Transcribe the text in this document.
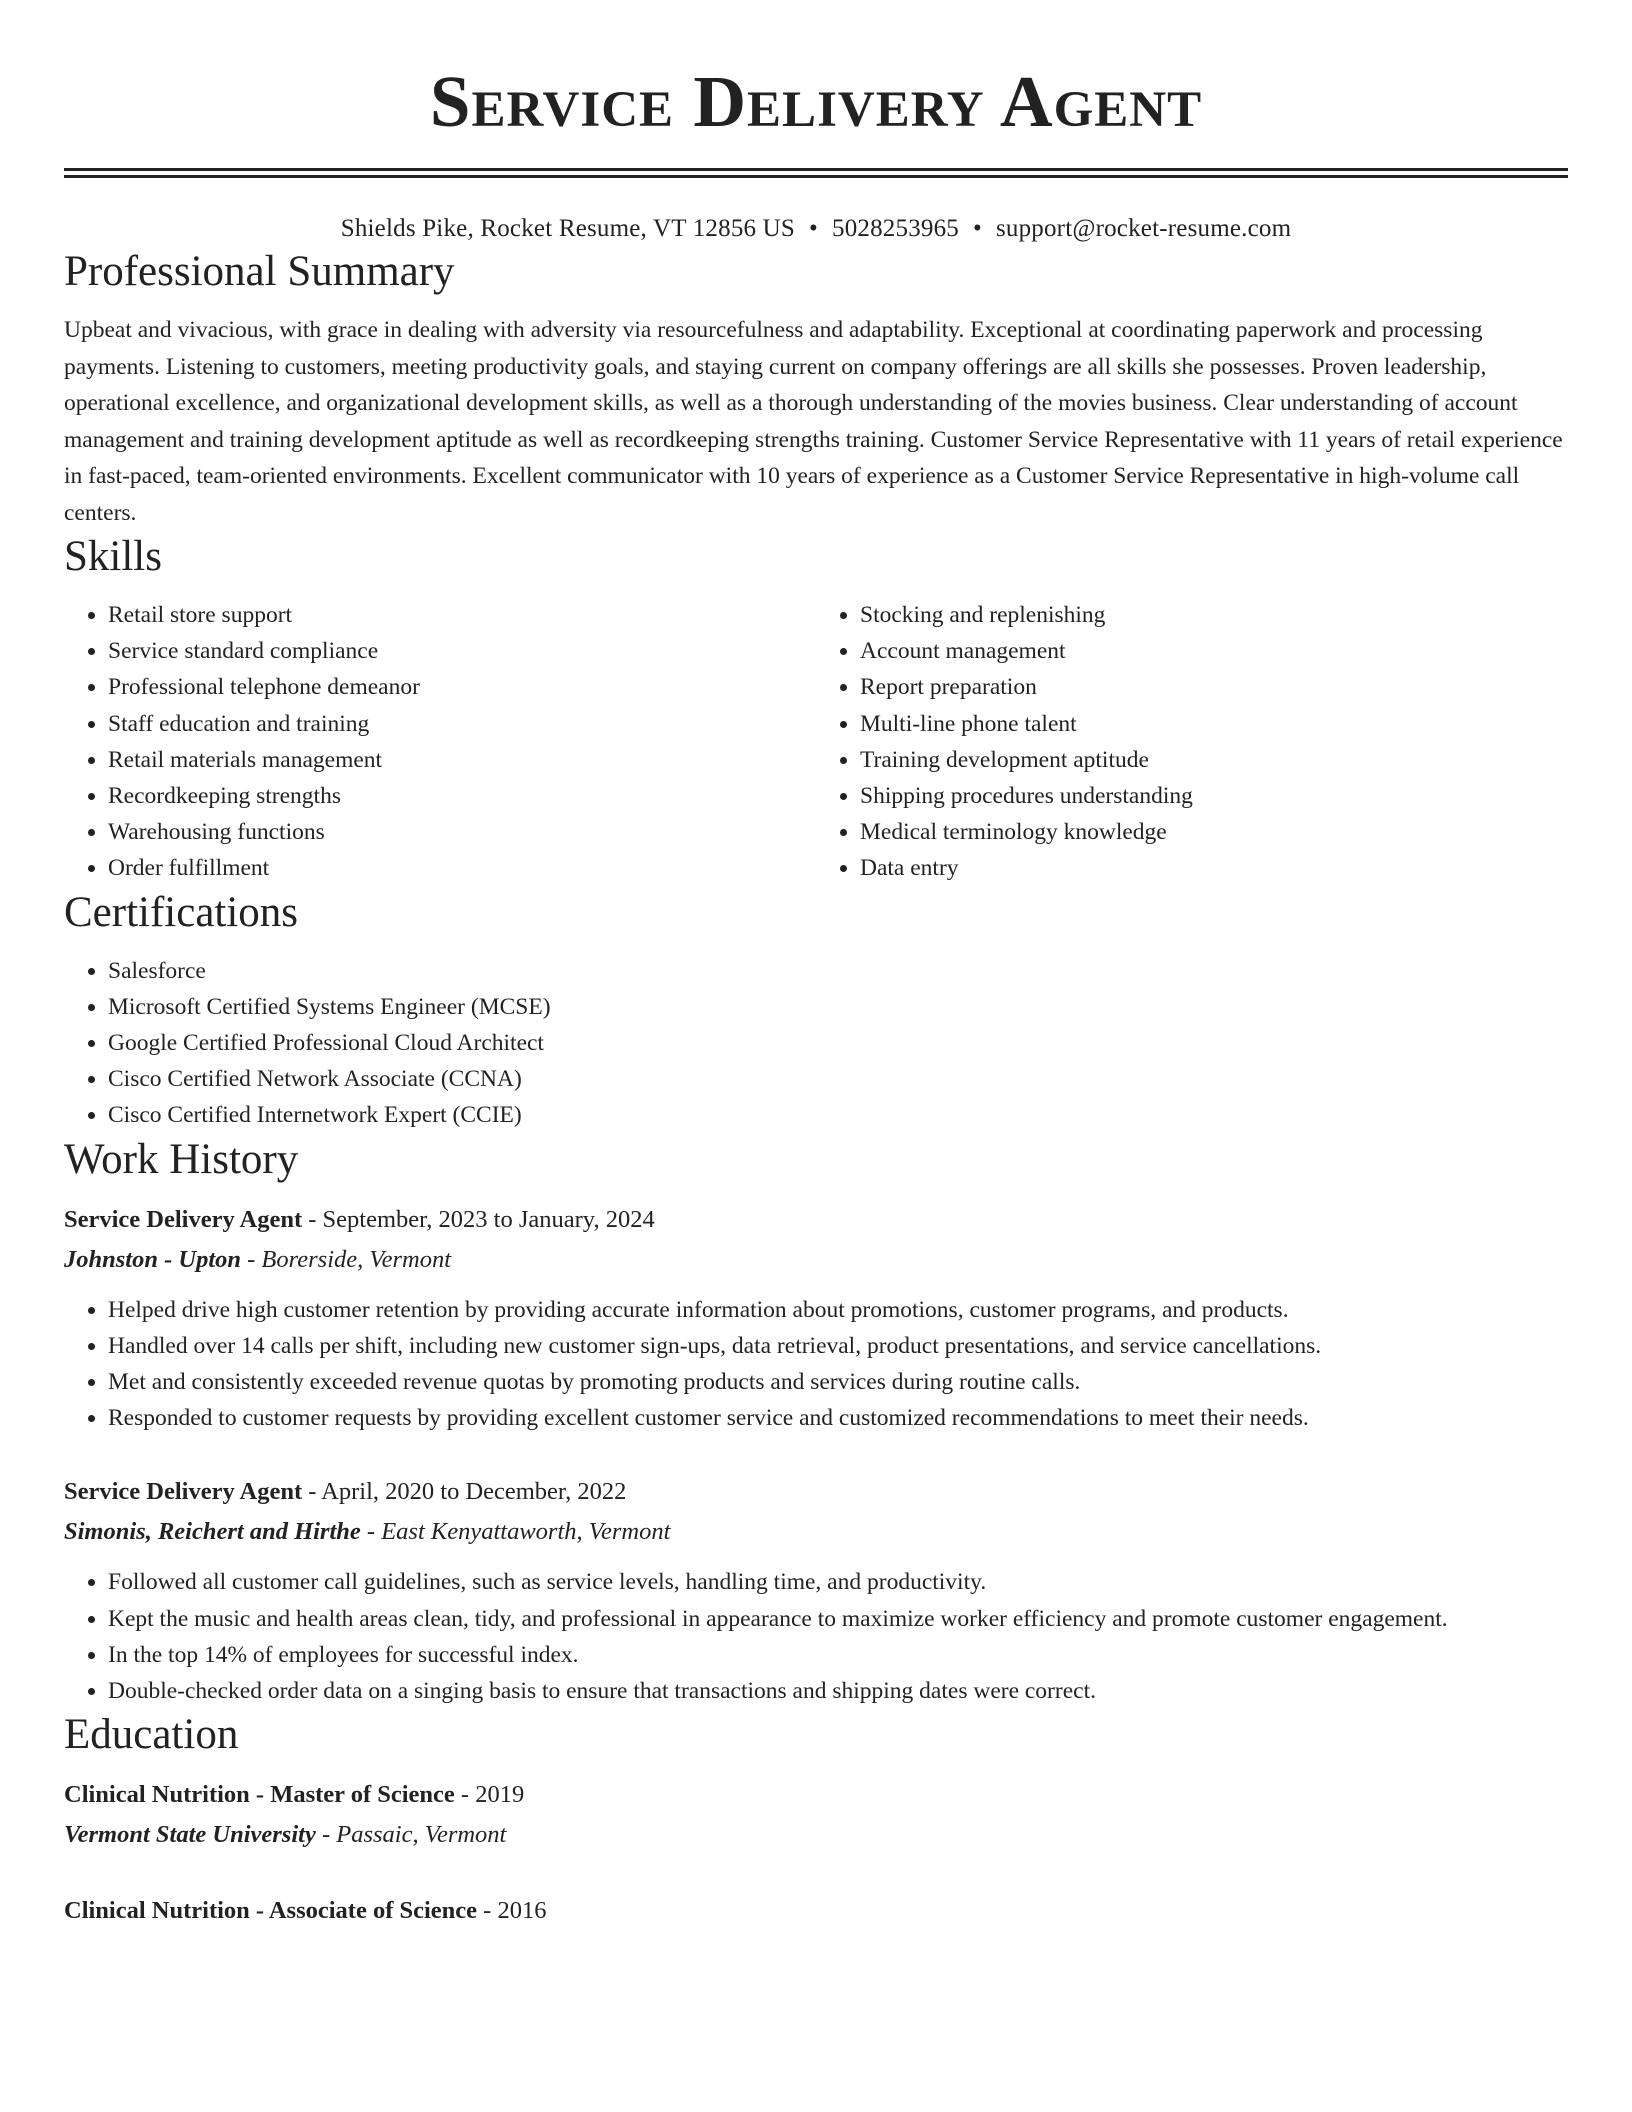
Service Delivery Agent
Shields Pike, Rocket Resume, VT 12856 US • 5028253965 • support@rocket-resume.com
Professional Summary

Upbeat and vivacious, with grace in dealing with adversity via resourcefulness and adaptability. Exceptional at coordinating paperwork and processing payments. Listening to customers, meeting productivity goals, and staying current on company offerings are all skills she possesses. Proven leadership, operational excellence, and organizational development skills, as well as a thorough understanding of the movies business. Clear understanding of account management and training development aptitude as well as recordkeeping strengths training. Customer Service Representative with 11 years of retail experience in fast-paced, team-oriented environments. Excellent communicator with 10 years of experience as a Customer Service Representative in high-volume call centers.

Skills
• Retail store support
• Service standard compliance
• Professional telephone demeanor
• Staff education and training
• Retail materials management
• Recordkeeping strengths
• Warehousing functions
• Order fulfillment
• Stocking and replenishing
• Account management
• Report preparation
• Multi-line phone talent
• Training development aptitude
• Shipping procedures understanding
• Medical terminology knowledge
• Data entry
Certifications
• Salesforce
• Microsoft Certified Systems Engineer (MCSE)
• Google Certified Professional Cloud Architect
• Cisco Certified Network Associate (CCNA)
• Cisco Certified Internetwork Expert (CCIE)
Work History
Service Delivery Agent - September, 2023 to January, 2024
Johnston - Upton - Borerside, Vermont
• Helped drive high customer retention by providing accurate information about promotions, customer programs, and products.
• Handled over 14 calls per shift, including new customer sign-ups, data retrieval, product presentations, and service cancellations.
• Met and consistently exceeded revenue quotas by promoting products and services during routine calls.
• Responded to customer requests by providing excellent customer service and customized recommendations to meet their needs.
Service Delivery Agent - April, 2020 to December, 2022
Simonis, Reichert and Hirthe - East Kenyattaworth, Vermont
• Followed all customer call guidelines, such as service levels, handling time, and productivity.
• Kept the music and health areas clean, tidy, and professional in appearance to maximize worker efficiency and promote customer engagement.
• In the top 14% of employees for successful index.
• Double-checked order data on a singing basis to ensure that transactions and shipping dates were correct.
Education
Clinical Nutrition - Master of Science - 2019
Vermont State University - Passaic, Vermont
Clinical Nutrition - Associate of Science - 2016
